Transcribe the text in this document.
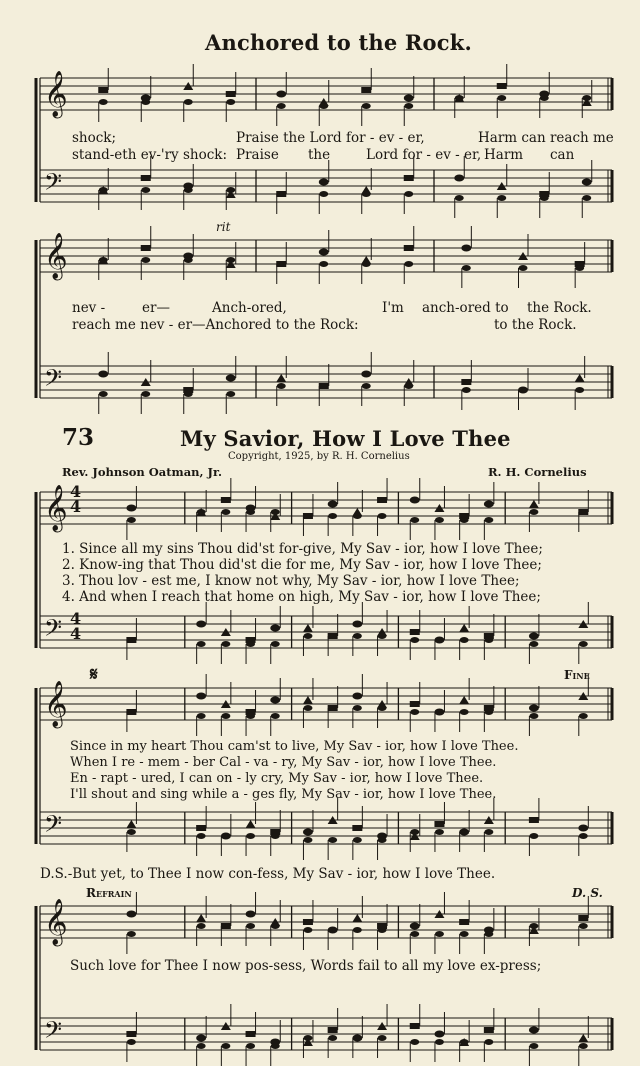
𝄞
𝄢
𝄞
𝄢
𝄞
𝄢
𝄞
𝄢
𝄞
𝄢
Anchored to the Rock.
shock;	Praise the Lord for - ev - er,	Harm can reach me
stand-eth ev-'ry shock: Praise the	Lord for - ev - er, Harm can
rit
nev -	er—	Anch-ored,	I'm anch-ored to the Rock.
reach me nev - er—Anchored to the Rock:	to the Rock.
73	My Savior, How I Love Thee
Copyright, 1925, by R. H. Cornelius
Rev. Johnson Oatman, Jr.	R. H. Cornelius
1. Since all my sins Thou did'st for-give, My Sav - ior, how I love Thee;
2. Know-ing that Thou did'st die for me, My Sav - ior, how I love Thee;
3. Thou lov - est me, I know not why, My Sav - ior, how I love Thee;
4. And when I reach that home on high, My Sav - ior, how I love Thee;
𝄋	Fine
Since in my heart Thou cam'st to live, My Sav - ior, how I love Thee.
When I re - mem - ber Cal - va - ry, My Sav - ior, how I love Thee.
En - rapt - ured, I can on - ly cry, My Sav - ior, how I love Thee.
I'll shout and sing while a - ges fly, My Sav - ior, how I love Thee.
D.S.-But yet, to Thee I now con-fess, My Sav - ior, how I love Thee.
Refrain	D. S.
Such love for Thee I now pos-sess, Words fail to all my love ex-press;
4
4
4
4
